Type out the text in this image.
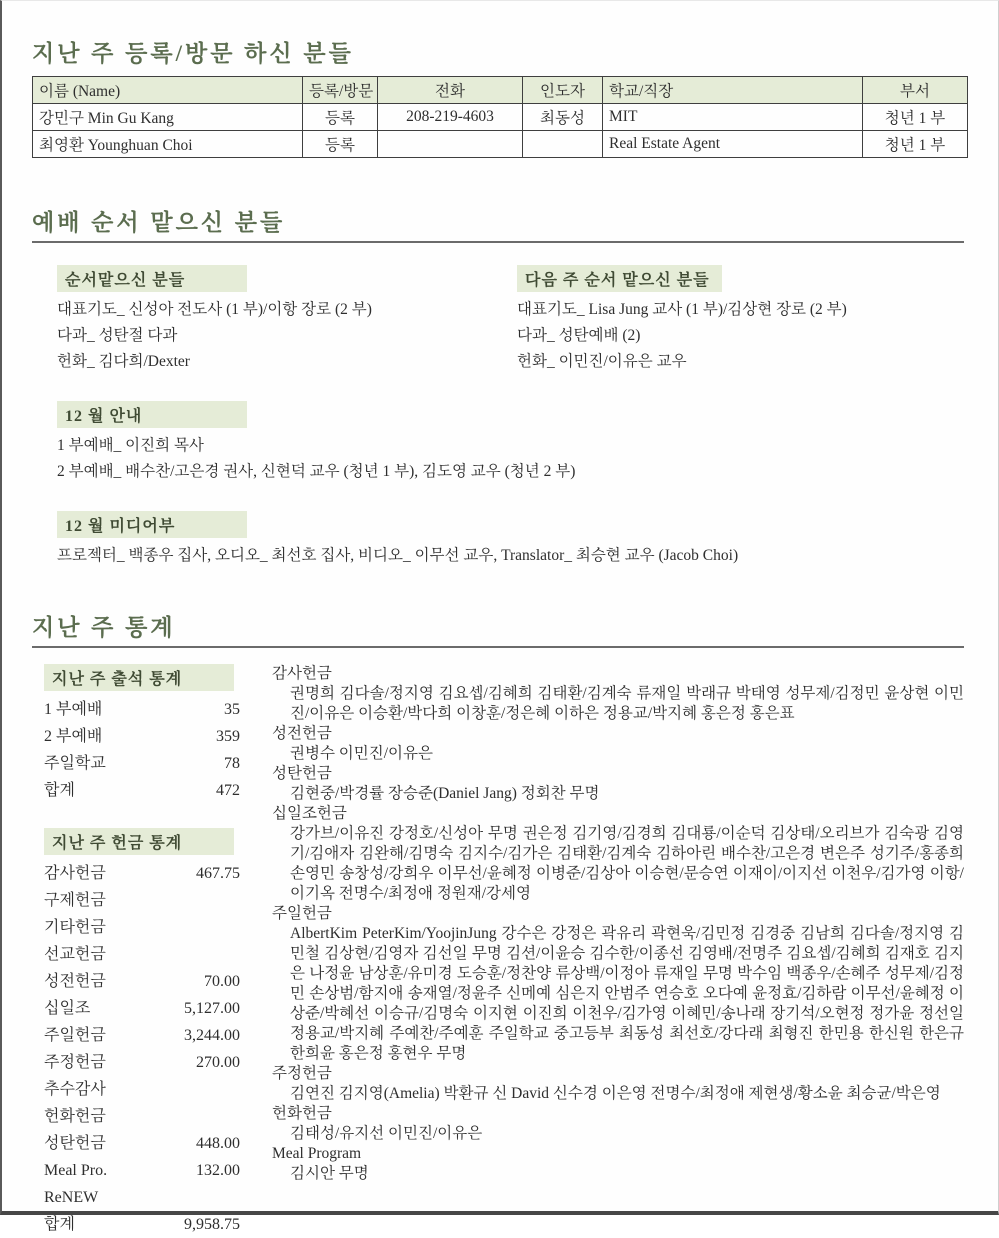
지난 주 등록/방문 하신 분들
이름 (Name)	등록/방문	전화	인도자	학교/직장	부서
강민구 Min Gu Kang	등록	208-219-4603	최동성	MIT	청년 1 부
최영환 Younghuan Choi	등록			Real Estate Agent	청년 1 부
예배 순서 맡으신 분들
순서맡으신 분들
대표기도_ 신성아 전도사 (1 부)/이항 장로 (2 부)
다과_ 성탄절 다과
헌화_ 김다희/Dexter
다음 주 순서 맡으신 분들
대표기도_ Lisa Jung 교사 (1 부)/김상현 장로 (2 부)
다과_ 성탄예배 (2)
헌화_ 이민진/이유은 교우
12 월 안내
1 부예배_ 이진희 목사
2 부예배_ 배수찬/고은경 권사, 신현덕 교우 (청년 1 부), 김도영 교우 (청년 2 부)
12 월 미디어부
프로젝터_ 백종우 집사, 오디오_ 최선호 집사, 비디오_ 이무선 교우, Translator_ 최승현 교우 (Jacob Choi)
지난 주 통계
지난 주 출석 통계
1 부예배	35
2 부예배	359
주일학교	78
합계	472
지난 주 헌금 통계
감사헌금	467.75
구제헌금
기타헌금
선교헌금
성전헌금	70.00
십일조	5,127.00
주일헌금	3,244.00
주정헌금	270.00
추수감사
헌화헌금
성탄헌금	448.00
Meal Pro.	132.00
ReNEW
합계	9,958.75
감사헌금
권명희 김다솔/정지영 김요셉/김혜희 김태환/김계숙 류재일 박래규 박태영 성무제/김정민 윤상현 이민진/이유은 이승환/박다희 이창훈/정은혜 이하은 정용교/박지혜 홍은정 홍은표
성전헌금
권병수 이민진/이유은
성탄헌금
김현중/박경률 장승준(Daniel Jang) 정회찬 무명
십일조헌금
강가브/이유진 강정호/신성아 무명 권은정 김기영/김경희 김대룡/이순덕 김상태/오리브가 김숙광 김영기/김애자 김완해/김명숙 김지수/김가은 김태환/김계숙 김하아린 배수찬/고은경 변은주 성기주/홍종희 손영민 송창성/강희우 이무선/윤혜정 이병준/김상아 이승현/문승연 이재이/이지선 이천우/김가영 이항/이기옥 전명수/최정애 정원재/강세영
주일헌금
AlbertKim PeterKim/YoojinJung 강수은 강정은 곽유리 곽현욱/김민정 김경중 김남희 김다솔/정지영 김민철 김상현/김영자 김선일 무명 김션/이윤승 김수한/이종선 김영배/전명주 김요셉/김혜희 김재호 김지은 나정윤 남상훈/유미경 도승훈/정찬양 류상백/이정아 류재일 무명 박수임 백종우/손혜주 성무제/김정민 손상범/함지애 송재열/정윤주 신메예 심은지 안범주 연승호 오다예 윤정효/김하람 이무선/윤혜정 이상준/박혜선 이승규/김명숙 이지현 이진희 이천우/김가영 이혜민/송나래 장기석/오현정 정가윤 정선일 정용교/박지혜 주예찬/주예훈 주일학교 중고등부 최동성 최선호/강다래 최형진 한민용 한신원 한은규 한희윤 홍은정 홍현우 무명
주정헌금
김연진 김지영(Amelia) 박환규 신 David 신수경 이은영 전명수/최정애 제현생/황소윤 최승균/박은영
헌화헌금
김태성/유지선 이민진/이유은
Meal Program
김시안 무명
